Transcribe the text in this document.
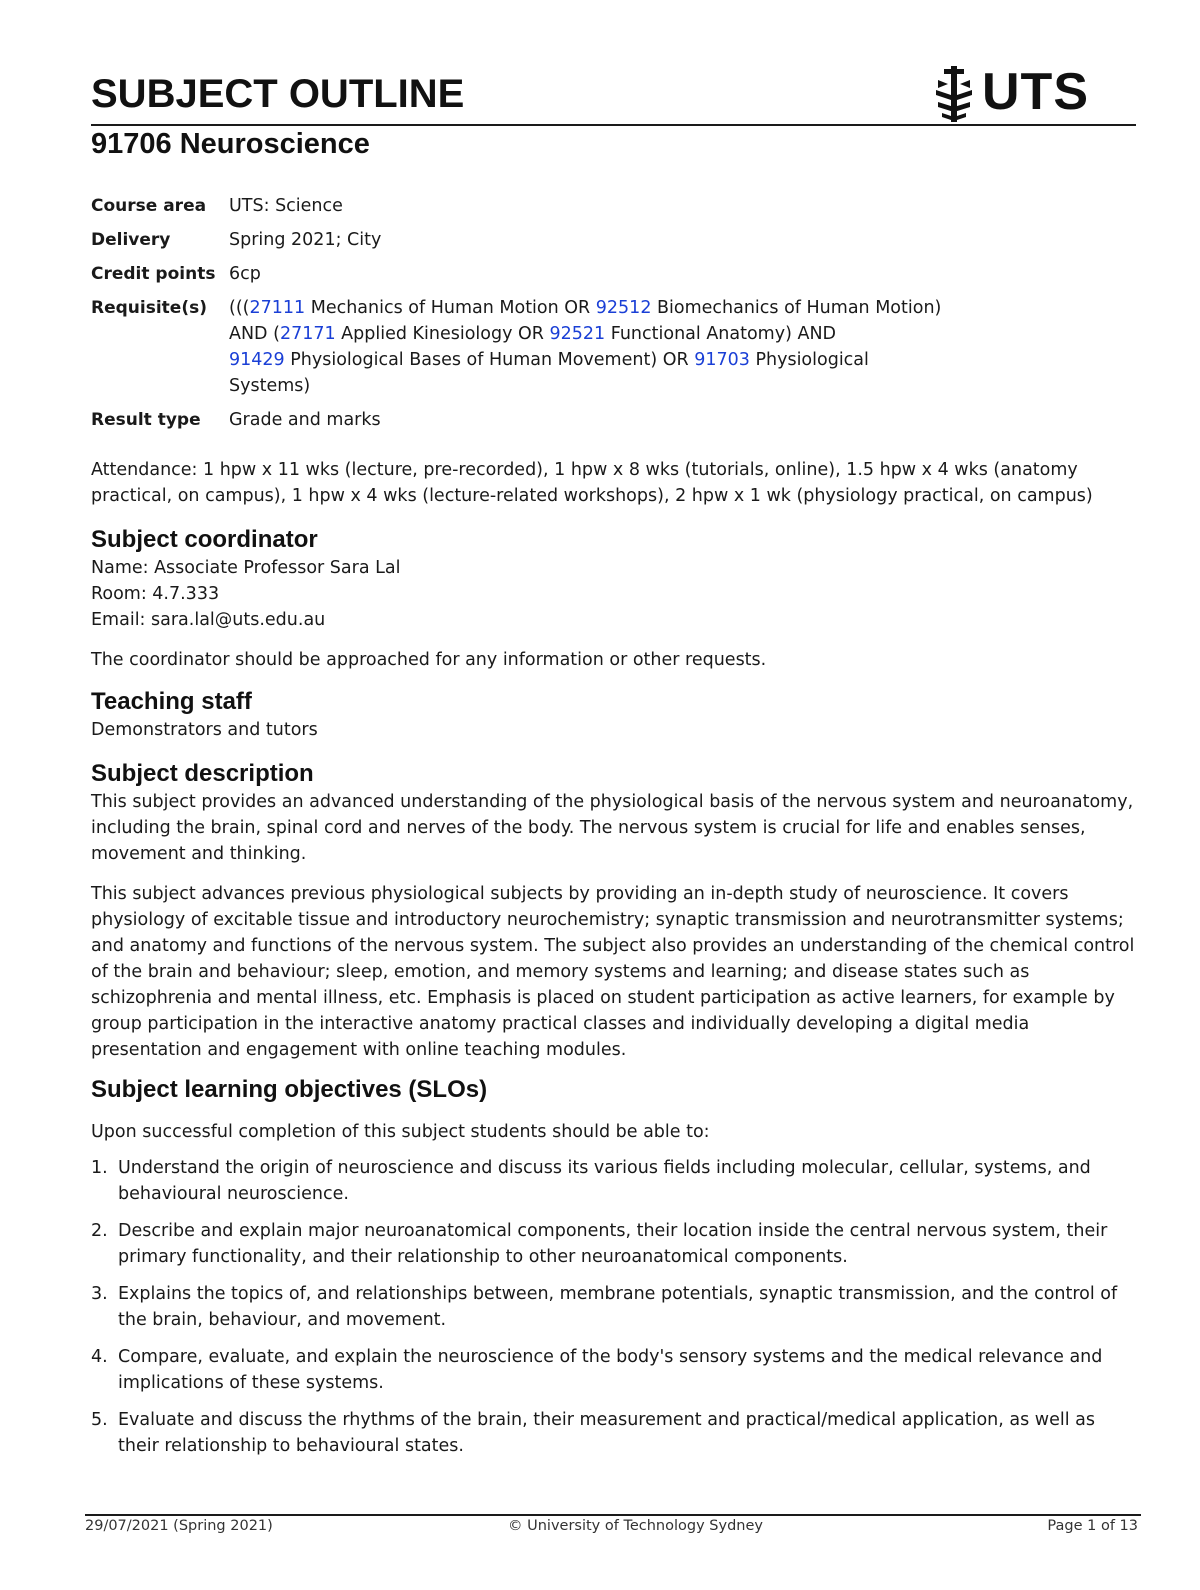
SUBJECT OUTLINE	UTS
91706 Neuroscience
Course area	UTS: Science
Delivery	Spring 2021; City
Credit points 6cp
Requisite(s)	(((27111 Mechanics of Human Motion OR 92512 Biomechanics of Human Motion) AND (27171 Applied Kinesiology OR 92521 Functional Anatomy) AND
91429 Physiological Bases of Human Movement) OR 91703 Physiological Systems)
Result type	Grade and marks

Attendance: 1 hpw x 11 wks (lecture, pre-recorded), 1 hpw x 8 wks (tutorials, online), 1.5 hpw x 4 wks (anatomy practical, on campus), 1 hpw x 4 wks (lecture-related workshops), 2 hpw x 1 wk (physiology practical, on campus)

Subject coordinator

Name: Associate Professor Sara Lal

Room: 4.7.333

Email: sara.lal@uts.edu.au

The coordinator should be approached for any information or other requests.

Teaching staff

Demonstrators and tutors

Subject description

This subject provides an advanced understanding of the physiological basis of the nervous system and neuroanatomy, including the brain, spinal cord and nerves of the body. The nervous system is crucial for life and enables senses, movement and thinking.

This subject advances previous physiological subjects by providing an in-depth study of neuroscience. It covers physiology of excitable tissue and introductory neurochemistry; synaptic transmission and neurotransmitter systems; and anatomy and functions of the nervous system. The subject also provides an understanding of the chemical control of the brain and behaviour; sleep, emotion, and memory systems and learning; and disease states such as schizophrenia and mental illness, etc. Emphasis is placed on student participation as active learners, for example by group participation in the interactive anatomy practical classes and individually developing a digital media presentation and engagement with online teaching modules.

Subject learning objectives (SLOs)

Upon successful completion of this subject students should be able to:

1. Understand the origin of neuroscience and discuss its various fields including molecular, cellular, systems, and behavioural neuroscience.
2. Describe and explain major neuroanatomical components, their location inside the central nervous system, their primary functionality, and their relationship to other neuroanatomical components.
3. Explains the topics of, and relationships between, membrane potentials, synaptic transmission, and the control of the brain, behaviour, and movement.
4. Compare, evaluate, and explain the neuroscience of the body's sensory systems and the medical relevance and implications of these systems.
5. Evaluate and discuss the rhythms of the brain, their measurement and practical/medical application, as well as their relationship to behavioural states.
29/07/2021 (Spring 2021)	© University of Technology Sydney	Page 1 of 13
